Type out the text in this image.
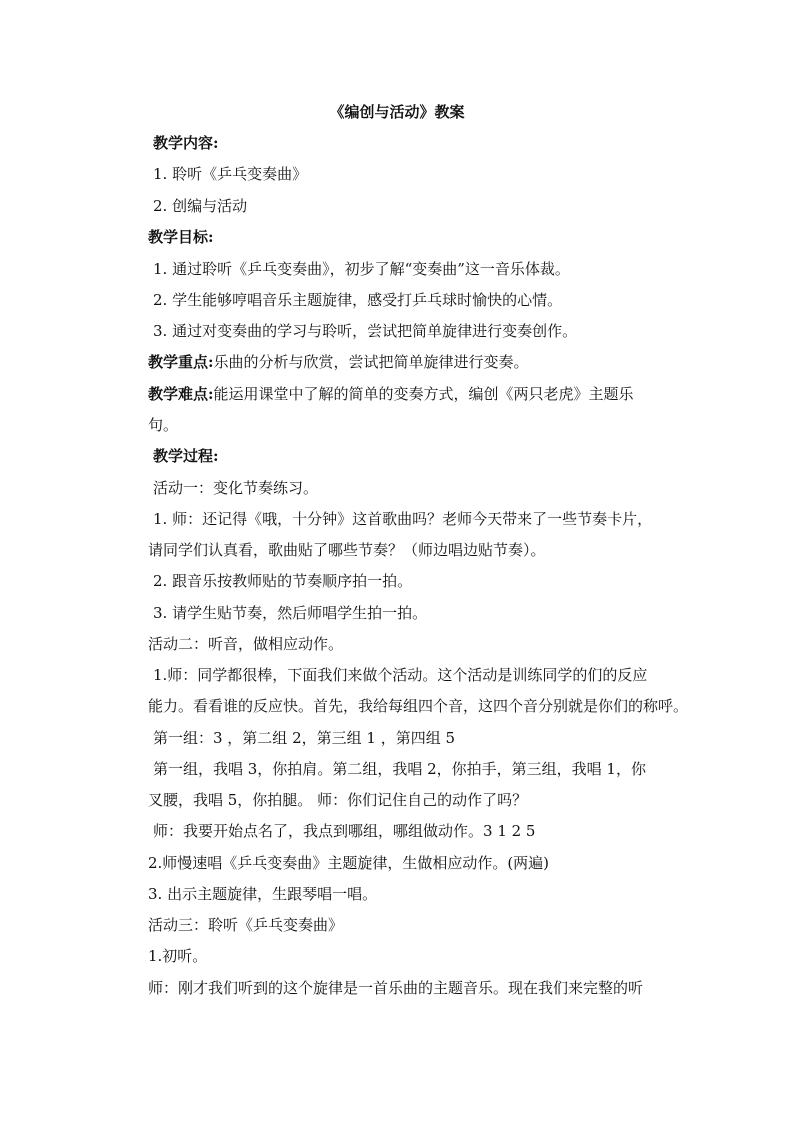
《编创与活动》教案
教学内容:
1. 聆听《乒乓变奏曲》
2. 创编与活动
教学目标:
1. 通过聆听《乒乓变奏曲》，初步了解“变奏曲”这一音乐体裁。
2. 学生能够哼唱音乐主题旋律，感受打乒乓球时愉快的心情。
3. 通过对变奏曲的学习与聆听，尝试把简单旋律进行变奏创作。
教学重点:乐曲的分析与欣赏，尝试把简单旋律进行变奏。
教学难点:能运用课堂中了解的简单的变奏方式，编创《两只老虎》主题乐
句。
教学过程:
活动一：变化节奏练习。
1. 师：还记得《哦，十分钟》这首歌曲吗？老师今天带来了一些节奏卡片，
请同学们认真看，歌曲贴了哪些节奏？（师边唱边贴节奏）。
2. 跟音乐按教师贴的节奏顺序拍一拍。
3. 请学生贴节奏，然后师唱学生拍一拍。
活动二：听音，做相应动作。
1.师：同学都很棒，下面我们来做个活动。这个活动是训练同学的们的反应
能力。看看谁的反应快。首先，我给每组四个音，这四个音分别就是你们的称呼。
第一组：3 ，第二组 2，第三组 1 ，第四组 5
第一组，我唱 3，你拍肩。第二组，我唱 2，你拍手，第三组，我唱 1，你
叉腰，我唱 5，你拍腿。 师：你们记住自己的动作了吗？
师：我要开始点名了，我点到哪组，哪组做动作。3 1 2 5
2.师慢速唱《乒乓变奏曲》主题旋律，生做相应动作。(两遍)
3. 出示主题旋律，生跟琴唱一唱。
活动三：聆听《乒乓变奏曲》
1.初听。
师：刚才我们听到的这个旋律是一首乐曲的主题音乐。现在我们来完整的听
